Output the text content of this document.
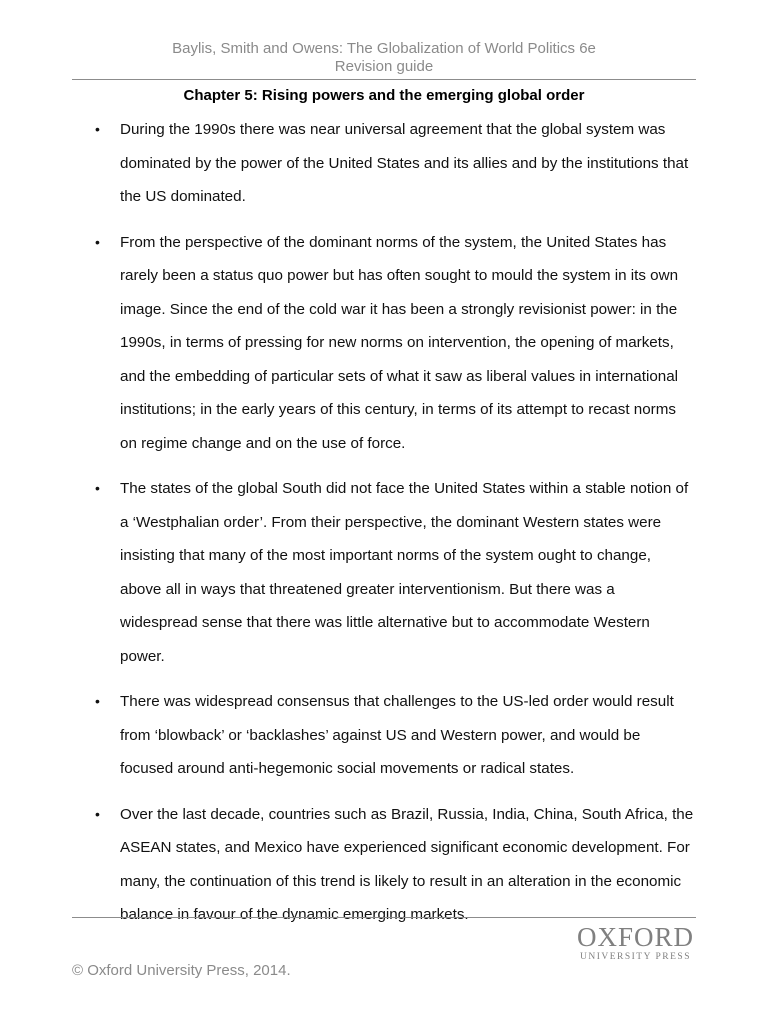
Baylis, Smith and Owens: The Globalization of World Politics 6e
Revision guide
Chapter 5: Rising powers and the emerging global order
• During the 1990s there was near universal agreement that the global system was dominated by the power of the United States and its allies and by the institutions that the US dominated.
• From the perspective of the dominant norms of the system, the United States has rarely been a status quo power but has often sought to mould the system in its own image. Since the end of the cold war it has been a strongly revisionist power: in the 1990s, in terms of pressing for new norms on intervention, the opening of markets, and the embedding of particular sets of what it saw as liberal values in international institutions; in the early years of this century, in terms of its attempt to recast norms on regime change and on the use of force.
• The states of the global South did not face the United States within a stable notion of a ‘Westphalian order’. From their perspective, the dominant Western states were insisting that many of the most important norms of the system ought to change, above all in ways that threatened greater interventionism. But there was a widespread sense that there was little alternative but to accommodate Western power.
• There was widespread consensus that challenges to the US-led order would result from ‘blowback’ or ‘backlashes’ against US and Western power, and would be focused around anti-hegemonic social movements or radical states.
• Over the last decade, countries such as Brazil, Russia, India, China, South Africa, the ASEAN states, and Mexico have experienced significant economic development. For many, the continuation of this trend is likely to result in an alteration in the economic balance in favour of the dynamic emerging markets.
OXFORD
UNIVERSITY PRESS
© Oxford University Press, 2014.
